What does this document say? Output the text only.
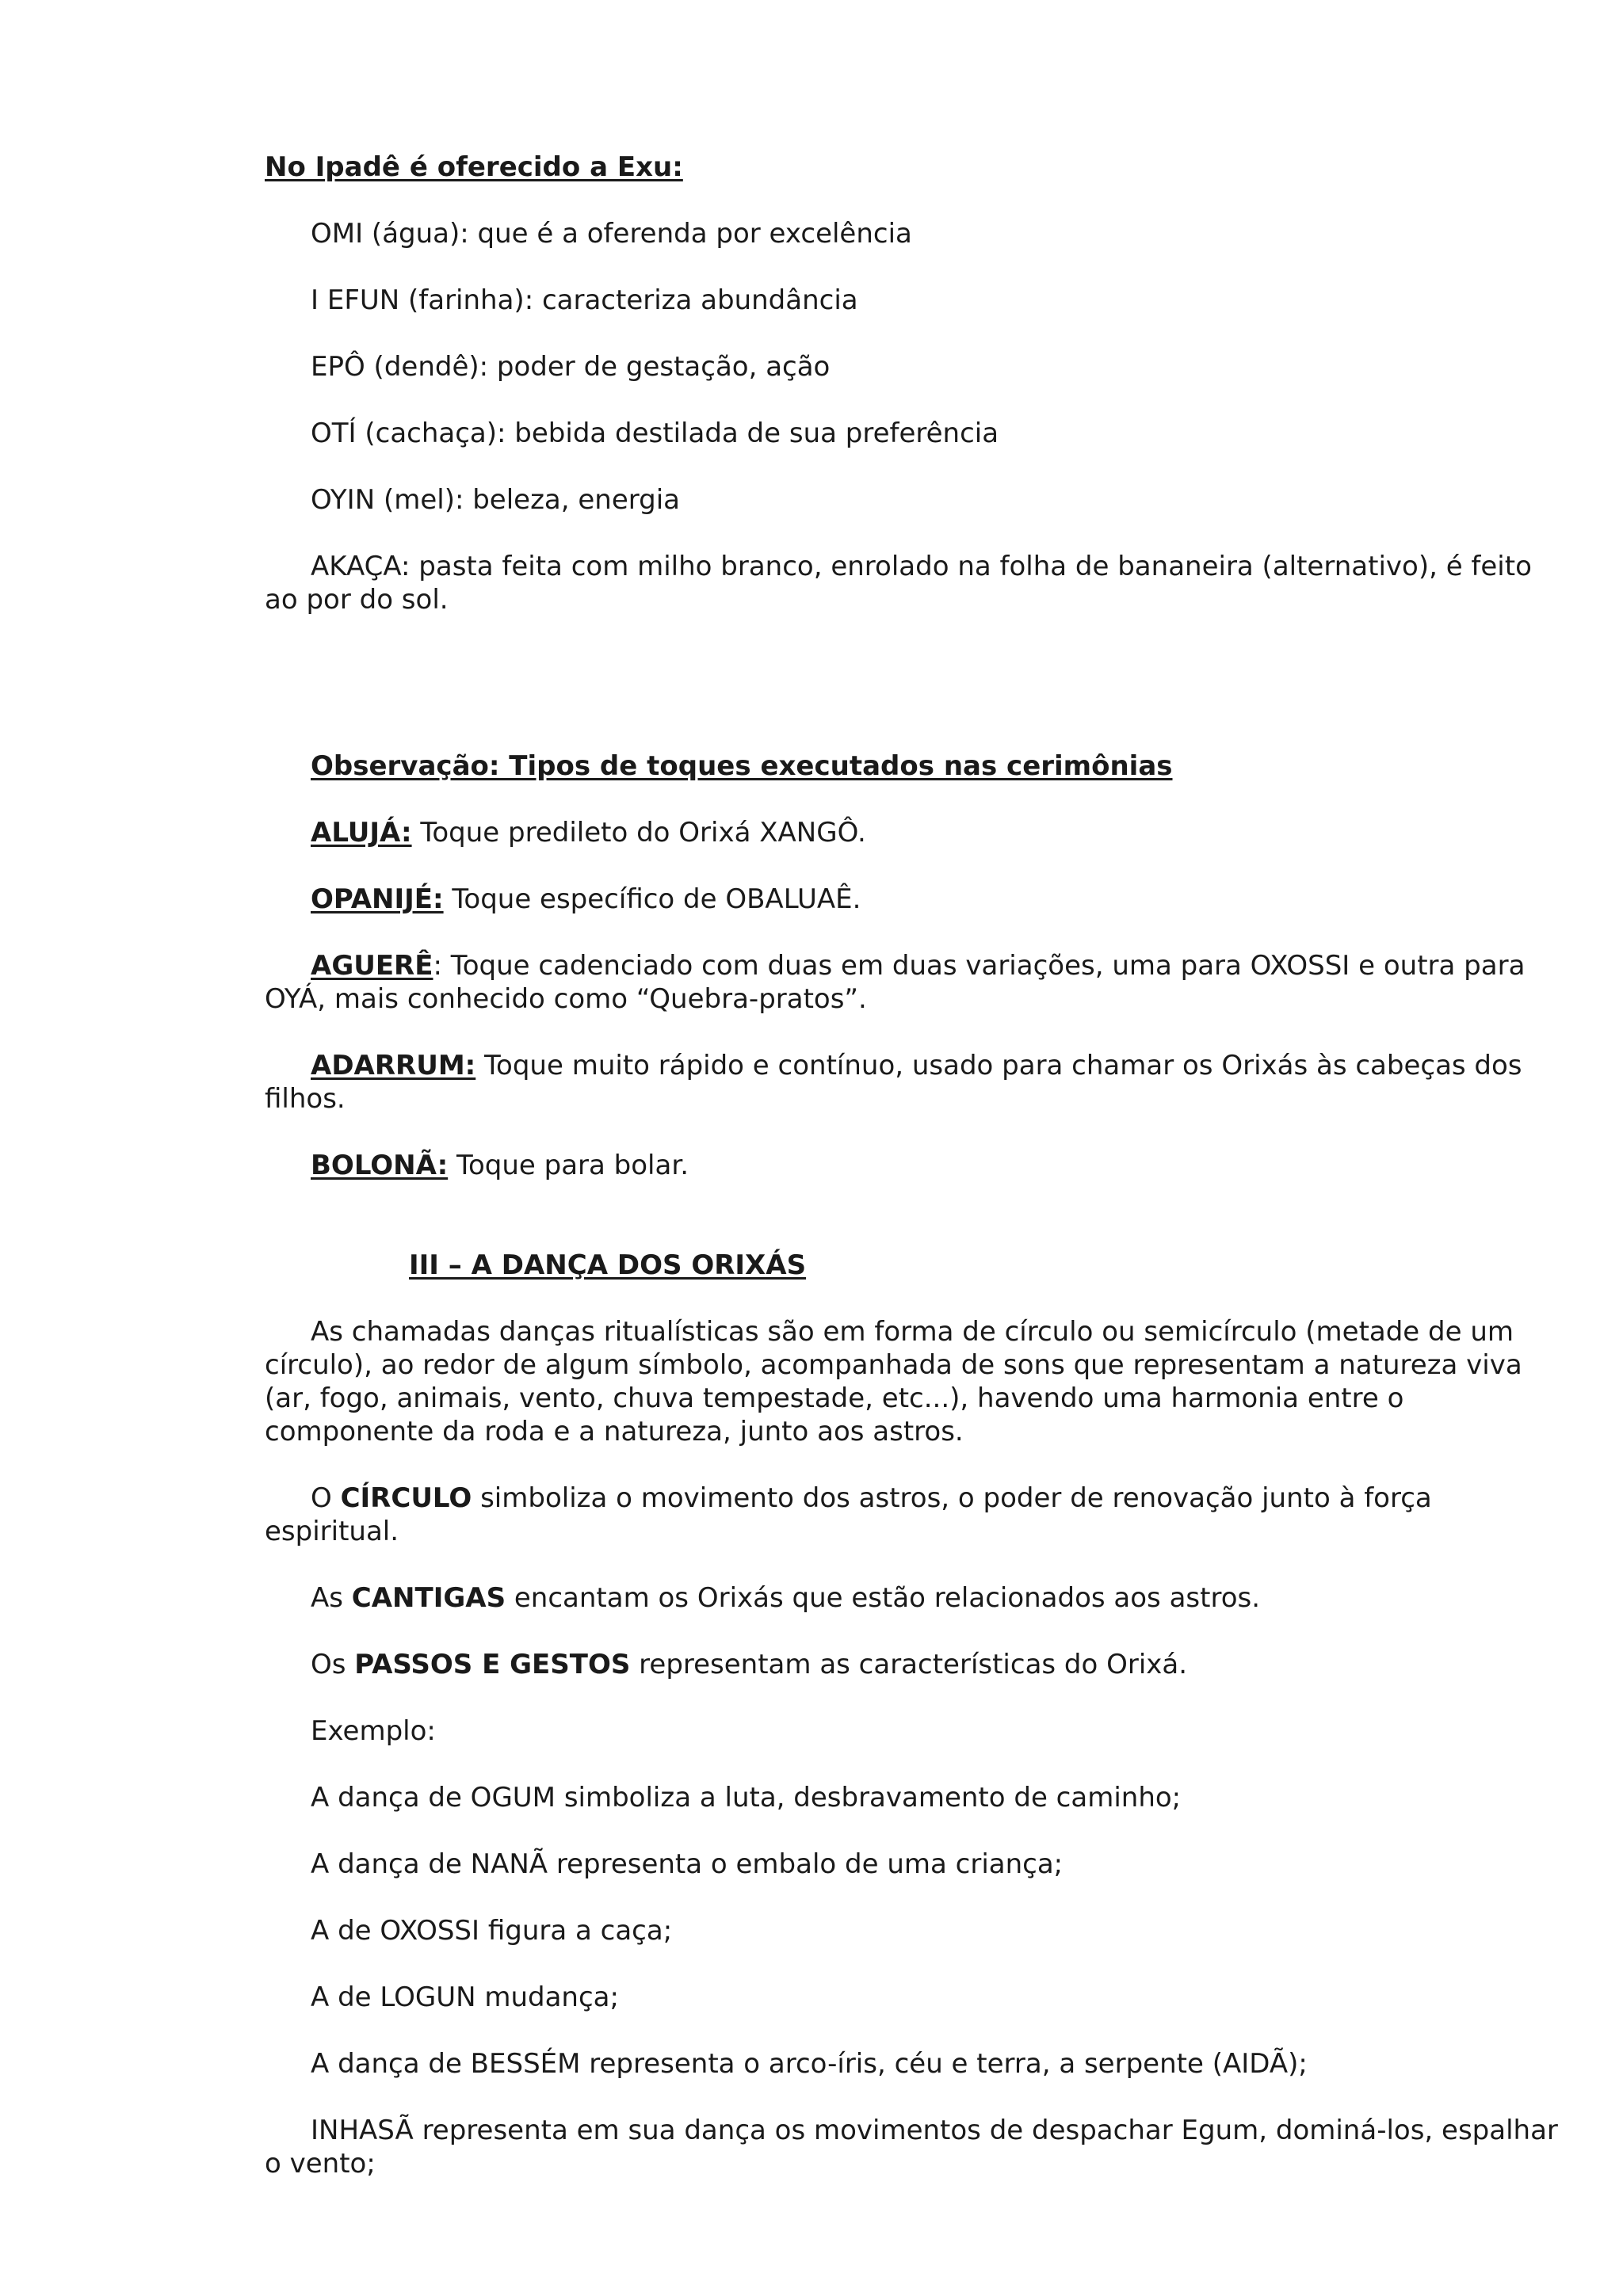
No Ipadê é oferecido a Exu:

OMI (água): que é a oferenda por excelência

I EFUN (farinha): caracteriza abundância

EPÔ (dendê): poder de gestação, ação

OTÍ (cachaça): bebida destilada de sua preferência

OYIN (mel): beleza, energia

AKAÇA: pasta feita com milho branco, enrolado na folha de bananeira (alternativo), é feito ao por do sol.

Observação: Tipos de toques executados nas cerimônias

ALUJÁ: Toque predileto do Orixá XANGÔ.

OPANIJÉ: Toque específico de OBALUAÊ.

AGUERÊ: Toque cadenciado com duas em duas variações, uma para OXOSSI e outra para OYÁ, mais conhecido como “Quebra-pratos”.

ADARRUM: Toque muito rápido e contínuo, usado para chamar os Orixás às cabeças dos filhos.

BOLONÃ: Toque para bolar.

III – A DANÇA DOS ORIXÁS

As chamadas danças ritualísticas são em forma de círculo ou semicírculo (metade de um círculo), ao redor de algum símbolo, acompanhada de sons que representam a natureza viva (ar, fogo, animais, vento, chuva tempestade, etc...), havendo uma harmonia entre o componente da roda e a natureza, junto aos astros.

O CÍRCULO simboliza o movimento dos astros, o poder de renovação junto à força espiritual.

As CANTIGAS encantam os Orixás que estão relacionados aos astros.

Os PASSOS E GESTOS representam as características do Orixá.

Exemplo:

A dança de OGUM simboliza a luta, desbravamento de caminho;

A dança de NANÃ representa o embalo de uma criança;

A de OXOSSI figura a caça;

A de LOGUN mudança;

A dança de BESSÉM representa o arco-íris, céu e terra, a serpente (AIDÃ);

INHASÃ representa em sua dança os movimentos de despachar Egum, dominá-los, espalhar o vento;
